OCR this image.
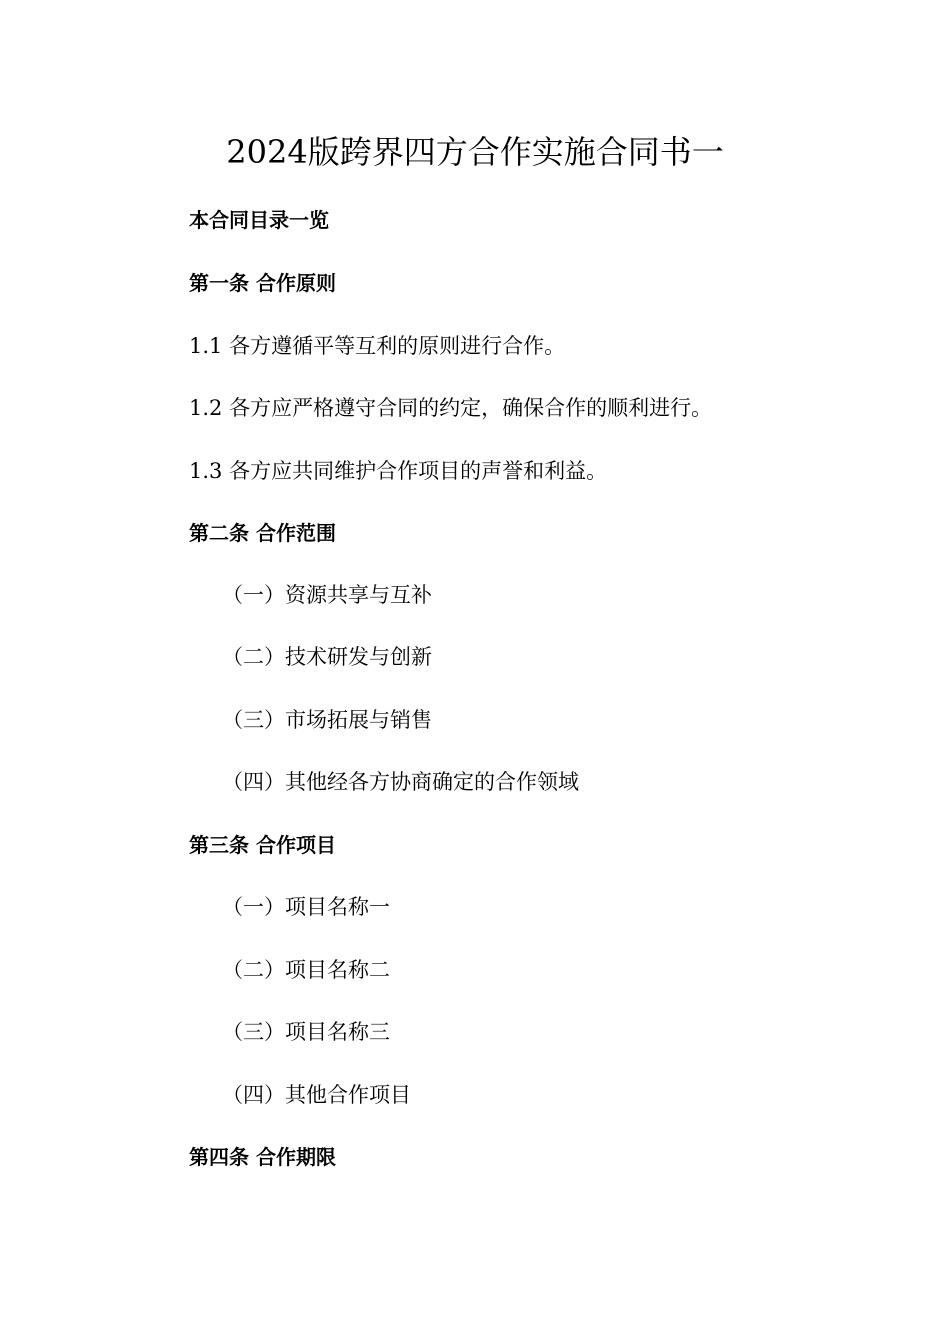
2024版跨界四方合作实施合同书一
本合同目录一览
第一条 合作原则
1.1 各方遵循平等互利的原则进行合作。
1.2 各方应严格遵守合同的约定，确保合作的顺利进行。
1.3 各方应共同维护合作项目的声誉和利益。
第二条 合作范围
（一）资源共享与互补
（二）技术研发与创新
（三）市场拓展与销售
（四）其他经各方协商确定的合作领域
第三条 合作项目
（一）项目名称一
（二）项目名称二
（三）项目名称三
（四）其他合作项目
第四条 合作期限
